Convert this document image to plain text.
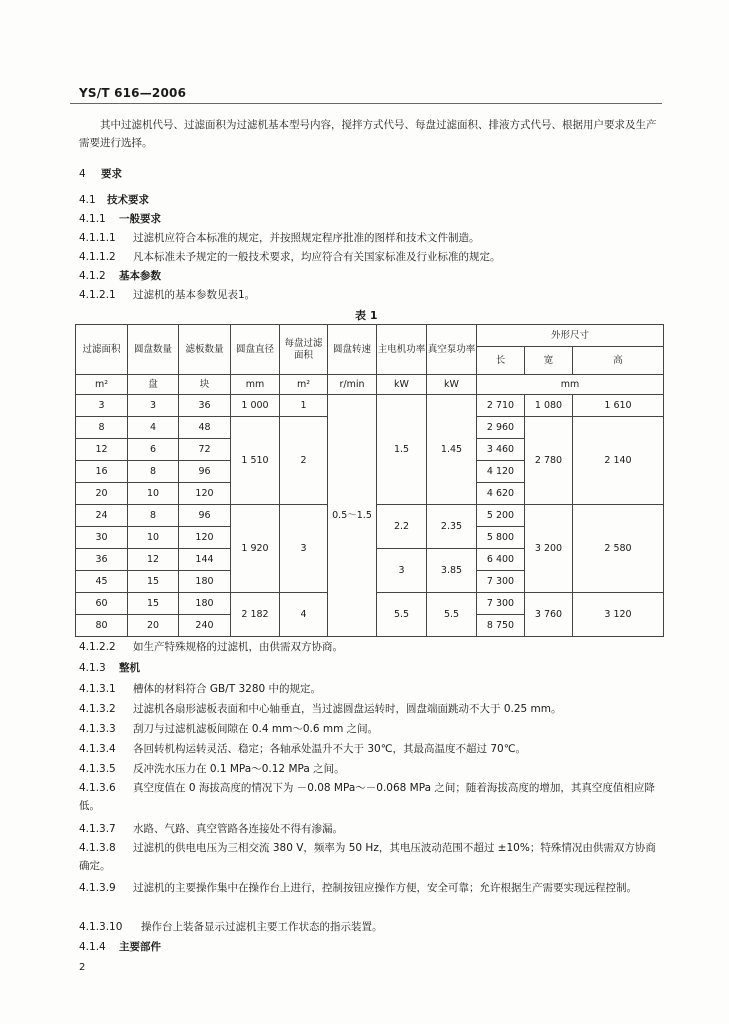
YS/T 616—2006
其中过滤机代号、过滤面积为过滤机基本型号内容，搅拌方式代号、每盘过滤面积、排液方式代号、根据用户要求及生产需要进行选择。
4 要求
4.1 技术要求
4.1.1 一般要求
4.1.1.1 过滤机应符合本标准的规定，并按照规定程序批准的图样和技术文件制造。
4.1.1.2 凡本标准未予规定的一般技术要求，均应符合有关国家标准及行业标准的规定。
4.1.2 基本参数
4.1.2.1 过滤机的基本参数见表1。
表 1
过滤面积	圆盘数量	滤板数量	圆盘直径	每盘过滤面积	圆盘转速	主电机功率	真空泵功率	外形尺寸		
								长	宽	高
m²	盘	块	mm	m²	r/min	kW	kW	mm		
3	3	36	1 000	1	0.5～1.5	1.5	1.45	2 710	1 080	1 610
8	4	48	1 510	2				2 960	2 780	2 140
12	6	72						3 460		
16	8	96						4 120		
20	10	120						4 620		
24	8	96	1 920	3		2.2	2.35	5 200	3 200	2 580
30	10	120						5 800		
36	12	144				3	3.85	6 400		
45	15	180						7 300		
60	15	180	2 182	4		5.5	5.5	7 300	3 760	3 120
80	20	240						8 750		
4.1.2.2 如生产特殊规格的过滤机，由供需双方协商。
4.1.3 整机
4.1.3.1 槽体的材料符合 GB/T 3280 中的规定。
4.1.3.2 过滤机各扇形滤板表面和中心轴垂直，当过滤圆盘运转时，圆盘端面跳动不大于 0.25 mm。
4.1.3.3 刮刀与过滤机滤板间隙在 0.4 mm～0.6 mm 之间。
4.1.3.4 各回转机构运转灵活、稳定；各轴承处温升不大于 30℃，其最高温度不超过 70℃。
4.1.3.5 反冲洗水压力在 0.1 MPa～0.12 MPa 之间。
4.1.3.6 真空度值在 0 海拔高度的情况下为 －0.08 MPa～－0.068 MPa 之间；随着海拔高度的增加，其真空度值相应降低。
4.1.3.7 水路、气路、真空管路各连接处不得有渗漏。
4.1.3.8 过滤机的供电电压为三相交流 380 V，频率为 50 Hz，其电压波动范围不超过 ±10%；特殊情况由供需双方协商确定。
4.1.3.9 过滤机的主要操作集中在操作台上进行，控制按钮应操作方便，安全可靠；允许根据生产需要实现远程控制。
4.1.3.10 操作台上装备显示过滤机主要工作状态的指示装置。
4.1.4 主要部件
2
